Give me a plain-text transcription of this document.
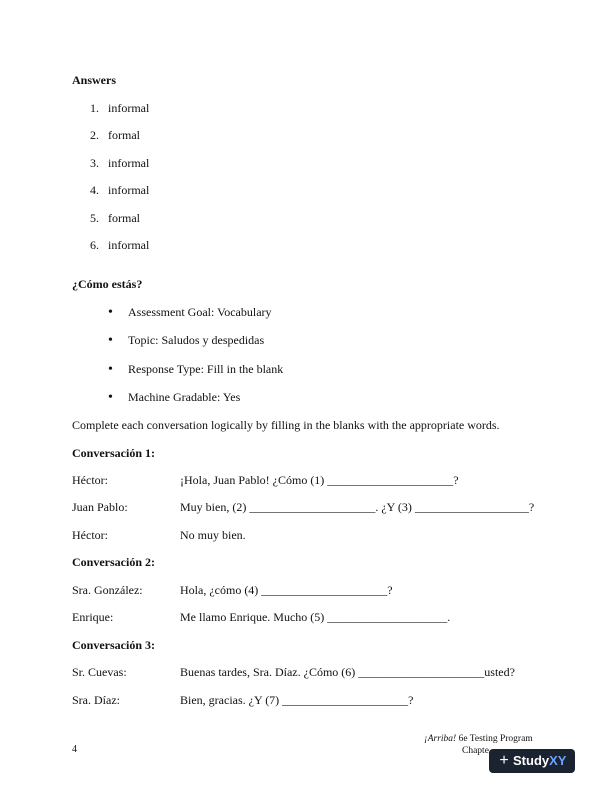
Answers
1. informal
2. formal
3. informal
4. informal
5. formal
6. informal
¿Cómo estás?
• Assessment Goal: Vocabulary
• Topic: Saludos y despedidas
• Response Type: Fill in the blank
• Machine Gradable: Yes
Complete each conversation logically by filling in the blanks with the appropriate words.
Conversación 1:
Héctor:	¡Hola, Juan Pablo! ¿Cómo (1) _____________________?
Juan Pablo:	Muy bien, (2) _____________________. ¿Y (3) ___________________?
Héctor:	No muy bien.
Conversación 2:
Sra. González:	Hola, ¿cómo (4) _____________________?
Enrique:	Me llamo Enrique. Mucho (5) ____________________.
Conversación 3:
Sr. Cuevas:	Buenas tardes, Sra. Díaz. ¿Cómo (6) _____________________usted?
Sra. Díaz:	Bien, gracias. ¿Y (7) _____________________?
¡Arriba! 6e Testing Program
Chapte
4
+ Study XY
